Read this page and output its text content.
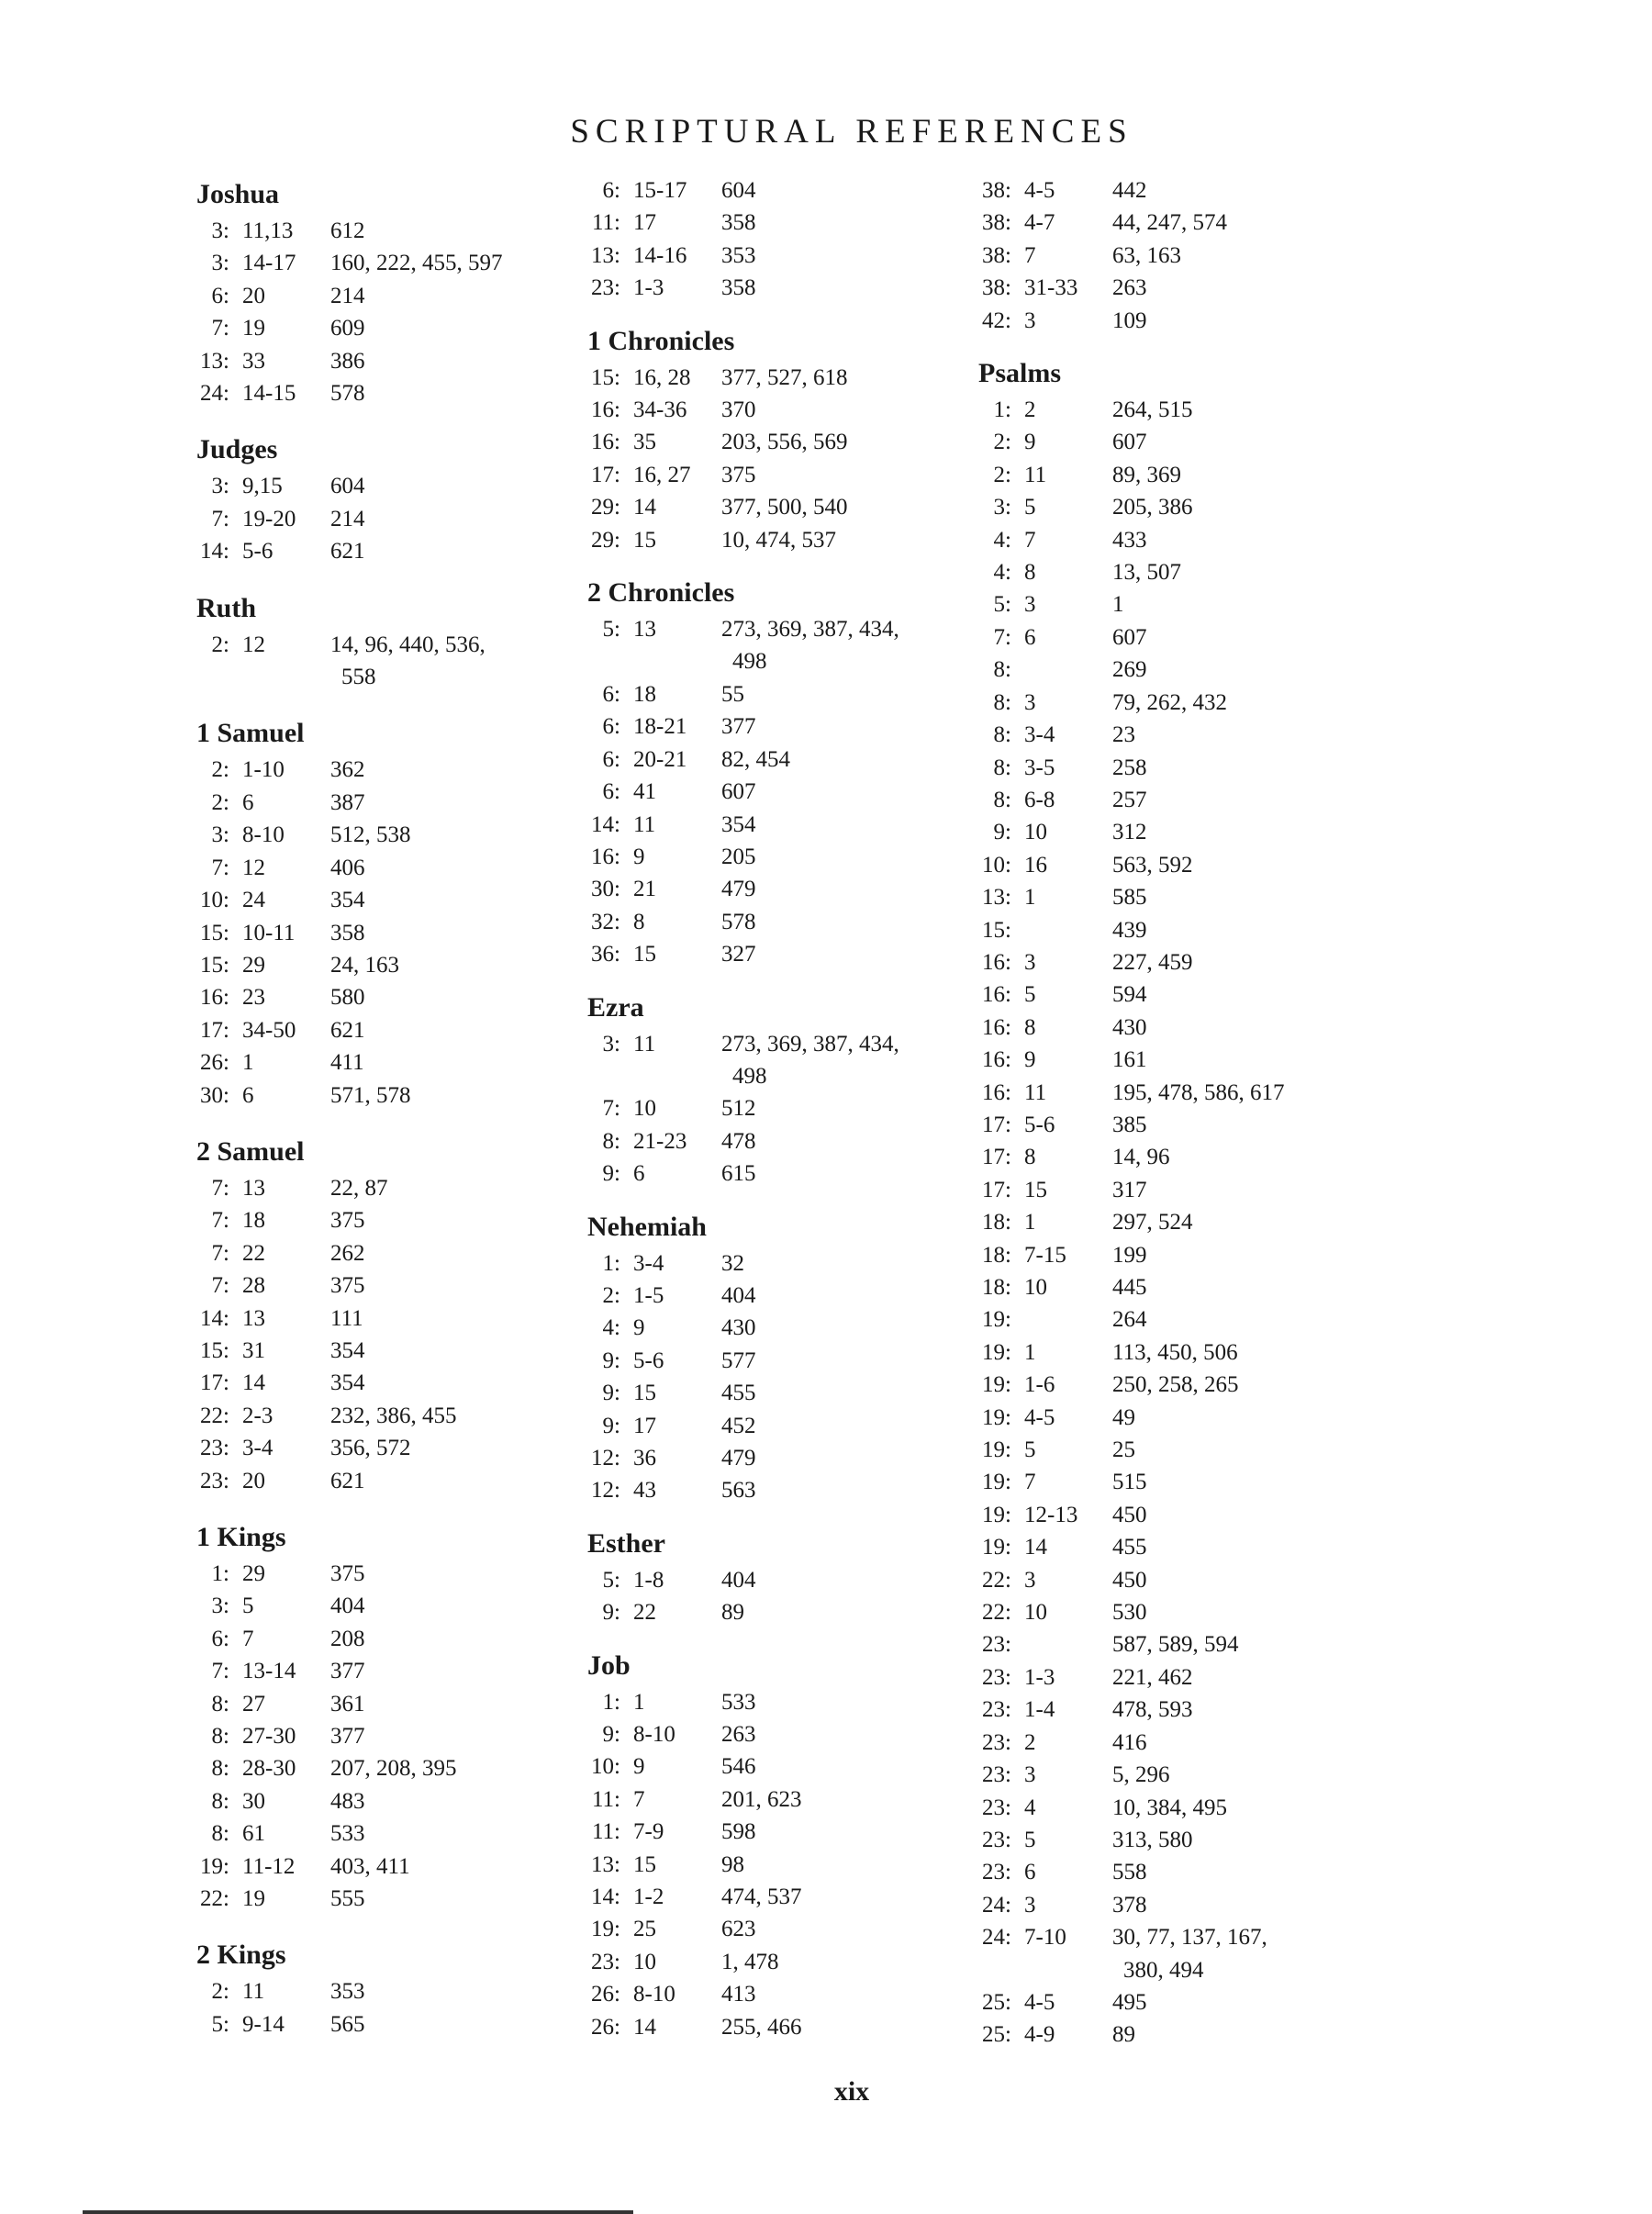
SCRIPTURAL REFERENCES
Joshua
3: 11,13	612
3: 14-17	160, 222, 455, 597
6: 20	214
7: 19	609
13: 33	386
24: 14-15	578
Judges
3: 9,15	604
7: 19-20	214
14: 5-6	621
Ruth
2: 12	14, 96, 440, 536,
558
1 Samuel
2: 1-10	362
2: 6	387
3: 8-10	512, 538
7: 12	406
10: 24	354
15: 10-11	358
15: 29	24, 163
16: 23	580
17: 34-50	621
26: 1	411
30: 6	571, 578
2 Samuel
7: 13	22, 87
7: 18	375
7: 22	262
7: 28	375
14: 13	111
15: 31	354
17: 14	354
22: 2-3	232, 386, 455
23: 3-4	356, 572
23: 20	621
1 Kings
1: 29	375
3: 5	404
6: 7	208
7: 13-14	377
8: 27	361
8: 27-30	377
8: 28-30	207, 208, 395
8: 30	483
8: 61	533
19: 11-12	403, 411
22: 19	555
2 Kings
2: 11	353
5: 9-14	565
6: 15-17	604
11: 17	358
13: 14-16	353
23: 1-3	358
1 Chronicles
15: 16, 28	377, 527, 618
16: 34-36	370
16: 35	203, 556, 569
17: 16, 27	375
29: 14	377, 500, 540
29: 15	10, 474, 537
2 Chronicles
5: 13	273, 369, 387, 434,
498
6: 18	55
6: 18-21	377
6: 20-21	82, 454
6: 41	607
14: 11	354
16: 9	205
30: 21	479
32: 8	578
36: 15	327
Ezra
3: 11	273, 369, 387, 434,
498
7: 10	512
8: 21-23	478
9: 6	615
Nehemiah
1: 3-4	32
2: 1-5	404
4: 9	430
9: 5-6	577
9: 15	455
9: 17	452
12: 36	479
12: 43	563
Esther
5: 1-8	404
9: 22	89
Job
1: 1	533
9: 8-10	263
10: 9	546
11: 7	201, 623
11: 7-9	598
13: 15	98
14: 1-2	474, 537
19: 25	623
23: 10	1, 478
26: 8-10	413
26: 14	255, 466
38: 4-5	442
38: 4-7	44, 247, 574
38: 7	63, 163
38: 31-33	263
42: 3	109
Psalms
1: 2	264, 515
2: 9	607
2: 11	89, 369
3: 5	205, 386
4: 7	433
4: 8	13, 507
5: 3	1
7: 6	607
8:	269
8: 3	79, 262, 432
8: 3-4	23
8: 3-5	258
8: 6-8	257
9: 10	312
10: 16	563, 592
13: 1	585
15:	439
16: 3	227, 459
16: 5	594
16: 8	430
16: 9	161
16: 11	195, 478, 586, 617
17: 5-6	385
17: 8	14, 96
17: 15	317
18: 1	297, 524
18: 7-15	199
18: 10	445
19:	264
19: 1	113, 450, 506
19: 1-6	250, 258, 265
19: 4-5	49
19: 5	25
19: 7	515
19: 12-13	450
19: 14	455
22: 3	450
22: 10	530
23:	587, 589, 594
23: 1-3	221, 462
23: 1-4	478, 593
23: 2	416
23: 3	5, 296
23: 4	10, 384, 495
23: 5	313, 580
23: 6	558
24: 3	378
24: 7-10	30, 77, 137, 167,
380, 494
25: 4-5	495
25: 4-9	89
xix
